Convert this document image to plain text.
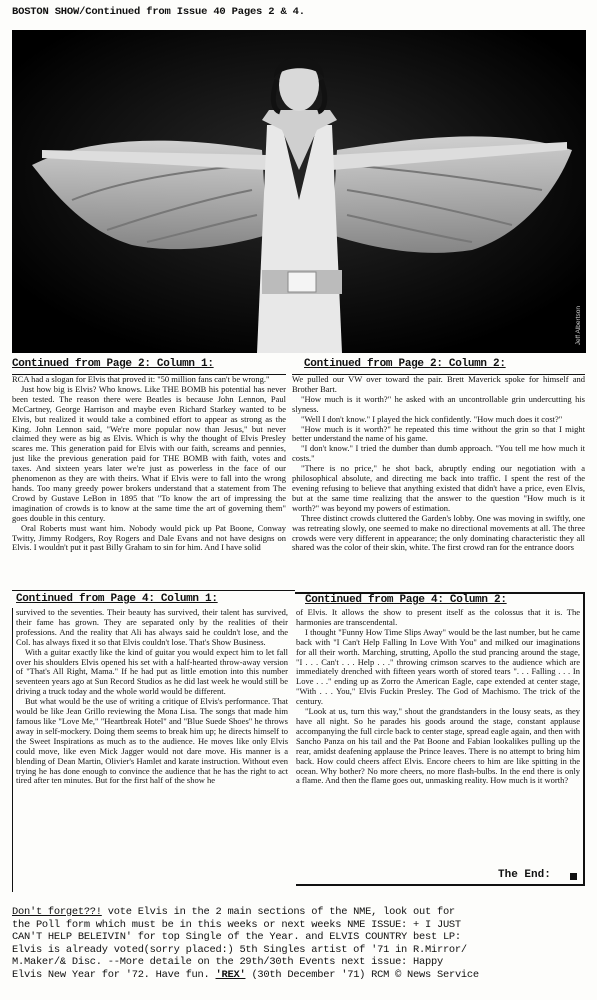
BOSTON SHOW/Continued from Issue 40 Pages 2 & 4.
Jeff Albertson
Continued from Page 2: Column 1:

RCA had a slogan for Elvis that proved it: "50 million fans can't be wrong."

Just how big is Elvis? Who knows. Like THE BOMB his potential has never been tested. The reason there were Beatles is because John Lennon, Paul McCartney, George Harrison and maybe even Richard Starkey wanted to be Elvis, but realized it would take a combined effort to appear as strong as the King. John Lennon said, "We're more popular now than Jesus," but never claimed they were as big as Elvis. Which is why the thought of Elvis Presley scares me. This generation paid for Elvis with our faith, screams and pennies, just like the previous generation paid for THE BOMB with faith, votes and taxes. And sixteen years later we're just as powerless in the face of our phenomenon as they are with theirs. What if Elvis were to fall into the wrong hands. Too many greedy power brokers understand that a statement from The Crowd by Gustave LeBon in 1895 that "To know the art of impressing the imagination of crowds is to know at the same time the art of governing them" goes double in this century.

Oral Roberts must want him. Nobody would pick up Pat Boone, Conway Twitty, Jimmy Rodgers, Roy Rogers and Dale Evans and not have designs on Elvis. I wouldn't put it past Billy Graham to sin for him. And I have solid

Continued from Page 2: Column 2:

We pulled our VW over toward the pair. Brett Maverick spoke for himself and Brother Bart.

"How much is it worth?" he asked with an uncontrollable grin undercutting his slyness.

"Well I don't know." I played the hick confidently. "How much does it cost?"

"How much is it worth?" he repeated this time without the grin so that I might better understand the name of his game.

"I don't know." I tried the dumber than dumb approach. "You tell me how much it costs."

"There is no price," he shot back, abruptly ending our negotiation with a philosophical absolute, and directing me back into traffic. I spent the rest of the evening refusing to believe that anything existed that didn't have a price, even Elvis, but at the same time realizing that the answer to the question "How much is it worth?" was beyond my powers of estimation.

Three distinct crowds cluttered the Garden's lobby. One was moving in swiftly, one was retreating slowly, one seemed to make no directional movements at all. The three crowds were very different in appearance; the only dominating characteristic they all shared was the color of their skin, white. The first crowd ran for the entrance doors

Continued from Page 4: Column 1:

survived to the seventies. Their beauty has survived, their talent has survived, their fame has grown. They are separated only by the realities of their professions. And the reality that Ali has always said he couldn't lose, and the Col. has always fixed it so that Elvis couldn't lose. That's Show Business.

With a guitar exactly like the kind of guitar you would expect him to let fall over his shoulders Elvis opened his set with a half-hearted throw-away version of "That's All Right, Mama." If he had put as little emotion into this number seventeen years ago at Sun Record Studios as he did last week he would still be driving a truck today and the whole world would be different.

But what would be the use of writing a critique of Elvis's performance. That would be like Jean Grillo reviewing the Mona Lisa. The songs that made him famous like "Love Me," "Heartbreak Hotel" and "Blue Suede Shoes" he throws away in self-mockery. Doing them seems to break him up; he directs himself to the Sweet Inspirations as much as to the audience. He moves like only Elvis could move, like even Mick Jagger would not dare move. His manner is a blending of Dean Martin, Olivier's Hamlet and karate instruction. Without even trying he has done enough to convince the audience that he has the right to act tired after ten minutes. But for the first half of the show he

Continued from Page 4: Column 2:

of Elvis. It allows the show to present itself as the colossus that it is. The harmonies are transcendental.

I thought "Funny How Time Slips Away" would be the last number, but he came back with "I Can't Help Falling In Love With You" and milked our imaginations for all their worth. Marching, strutting, Apollo the stud prancing around the stage, "I . . . Can't . . . Help . . ." throwing crimson scarves to the audience which are immediately drenched with fifteen years worth of stored tears ". . . Falling . . . In Love . . ." ending up as Zorro the American Eagle, cape extended at center stage, "With . . . You," Elvis Fuckin Presley. The God of Machismo. The trick of the century.

"Look at us, turn this way," shout the grandstanders in the lousy seats, as they have all night. So he parades his goods around the stage, constant applause accompanying the full circle back to center stage, spread eagle again, and then with Sancho Panza on his tail and the Pat Boone and Fabian lookalikes pulling up the rear, amidst deafening applause the Prince leaves. There is no attempt to bring him back. How could cheers affect Elvis. Encore cheers to him are like spitting in the ocean. Why bother? No more cheers, no more flash-bulbs. In the end there is only a flame. And then the flame goes out, unmasking reality. How much is it worth?

The End:

Don't forget??! vote Elvis in the 2 main sections of the NME, look out for

the Poll form which must be in this weeks or next weeks NME ISSUE: + I JUST

CAN'T HELP BELEIVIN' for top Single of the Year. and ELVIS COUNTRY best LP:

Elvis is already voted(sorry placed:) 5th Singles artist of '71 in R.Mirror/

M.Maker/& Disc. --More detaile on the 29th/30th Events next issue: Happy

Elvis New Year for '72. Have fun. 'REX' (30th December '71) RCM © News Service
